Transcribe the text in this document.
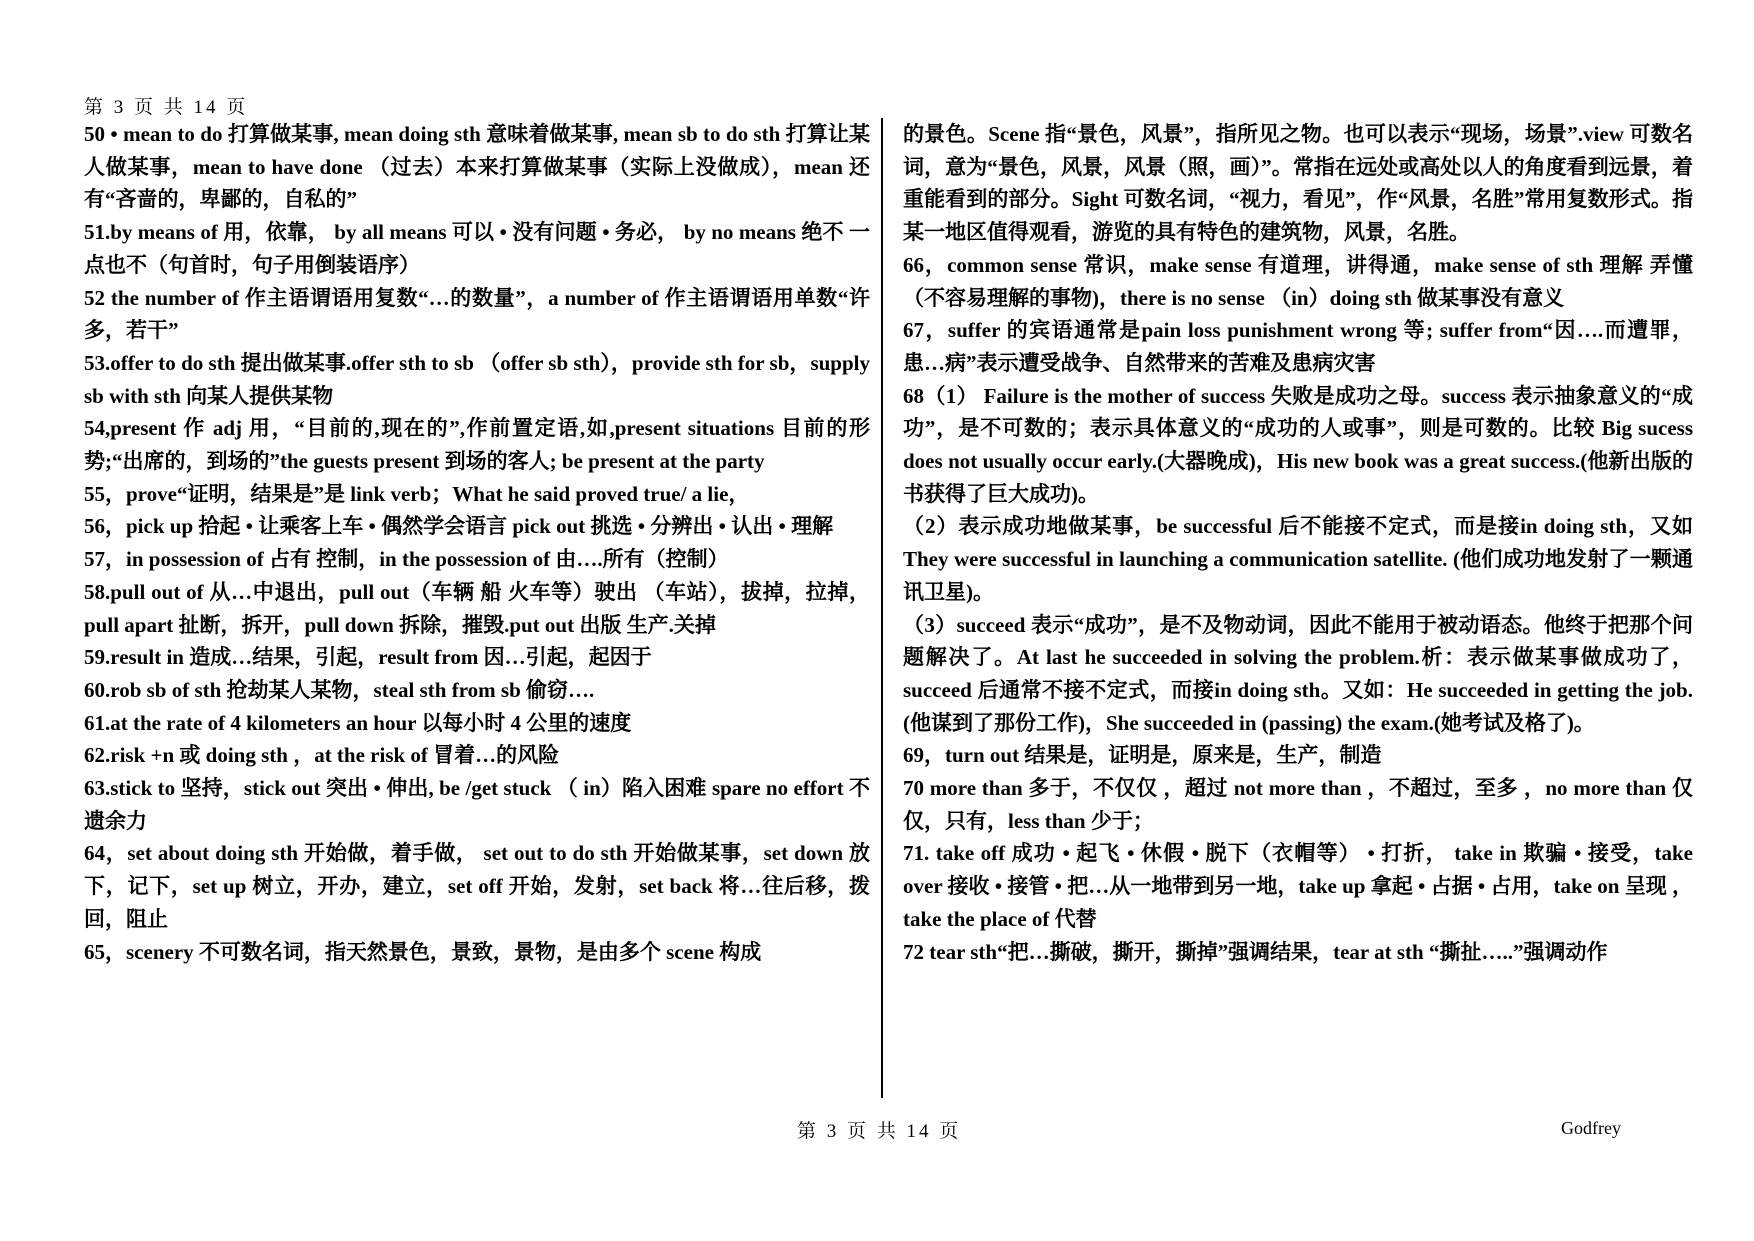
第 3 页 共 14 页

50 • mean to do 打算做某事, mean doing sth 意味着做某事, mean sb to do sth 打算让某人做某事，mean to have done （过去）本来打算做某事（实际上没做成），mean 还有“吝啬的，卑鄙的，自私的”

51.by means of 用，依靠， by all means 可以 • 没有问题 • 务必， by no means 绝不 一点也不（句首时，句子用倒装语序）

52 the number of 作主语谓语用复数“…的数量”，a number of 作主语谓语用单数“许多，若干”

53.offer to do sth 提出做某事.offer sth to sb （offer sb sth），provide sth for sb，supply sb with sth 向某人提供某物

54,present 作 adj 用，“目前的,现在的”,作前置定语,如,present situations 目前的形势;“出席的，到场的”the guests present 到场的客人; be present at the party

55，prove“证明，结果是”是 link verb；What he said proved true/ a lie，

56，pick up 拾起 • 让乘客上车 • 偶然学会语言 pick out 挑选 • 分辨出 • 认出 • 理解

57，in possession of 占有 控制，in the possession of 由….所有（控制）

58.pull out of 从…中退出，pull out（车辆 船 火车等）驶出 （车站），拔掉，拉掉，pull apart 扯断，拆开，pull down 拆除，摧毁.put out 出版 生产.关掉

59.result in 造成…结果，引起，result from 因…引起，起因于

60.rob sb of sth 抢劫某人某物，steal sth from sb 偷窃….

61.at the rate of 4 kilometers an hour 以每小时 4 公里的速度

62.risk +n 或 doing sth ，at the risk of 冒着…的风险

63.stick to 坚持，stick out 突出 • 伸出, be /get stuck （ in）陷入困难 spare no effort 不遗余力

64，set about doing sth 开始做，着手做， set out to do sth 开始做某事，set down 放下，记下，set up 树立，开办，建立，set off 开始，发射，set back 将…往后移，拨回，阻止

65，scenery 不可数名词，指天然景色，景致，景物，是由多个 scene 构成

的景色。Scene 指“景色，风景”，指所见之物。也可以表示“现场，场景”.view 可数名词，意为“景色，风景，风景（照，画）”。常指在远处或高处以人的角度看到远景，着重能看到的部分。Sight 可数名词，“视力，看见”，作“风景，名胜”常用复数形式。指某一地区值得观看，游览的具有特色的建筑物，风景，名胜。

66，common sense 常识，make sense 有道理，讲得通，make sense of sth 理解 弄懂（不容易理解的事物)，there is no sense （in）doing sth 做某事没有意义

67，suffer 的宾语通常是pain loss punishment wrong 等; suffer from“因….而遭罪，患…病”表示遭受战争、自然带来的苦难及患病灾害

68（1） Failure is the mother of success 失败是成功之母。success 表示抽象意义的“成功”，是不可数的；表示具体意义的“成功的人或事”，则是可数的。比较 Big sucess does not usually occur early.(大器晚成)，His new book was a great success.(他新出版的书获得了巨大成功)。

（2）表示成功地做某事，be successful 后不能接不定式，而是接in doing sth，又如 They were successful in launching a communication satellite. (他们成功地发射了一颗通讯卫星)。

（3）succeed 表示“成功”，是不及物动词，因此不能用于被动语态。他终于把那个问题解决了。At last he succeeded in solving the problem.析：表示做某事做成功了，succeed 后通常不接不定式，而接in doing sth。又如：He succeeded in getting the job.(他谋到了那份工作)，She succeeded in (passing) the exam.(她考试及格了)。

69，turn out 结果是，证明是，原来是，生产，制造

70 more than 多于，不仅仅 ，超过 not more than ，不超过，至多 ，no more than 仅仅，只有，less than 少于；

71. take off 成功 • 起飞 • 休假 • 脱下（衣帽等） • 打折， take in 欺骗 • 接受，take over 接收 • 接管 • 把…从一地带到另一地，take up 拿起 • 占据 • 占用，take on 呈现 ，take the place of 代替

72 tear sth“把…撕破，撕开，撕掉”强调结果，tear at sth “撕扯…..”强调动作

第 3 页 共 14 页	Godfrey
